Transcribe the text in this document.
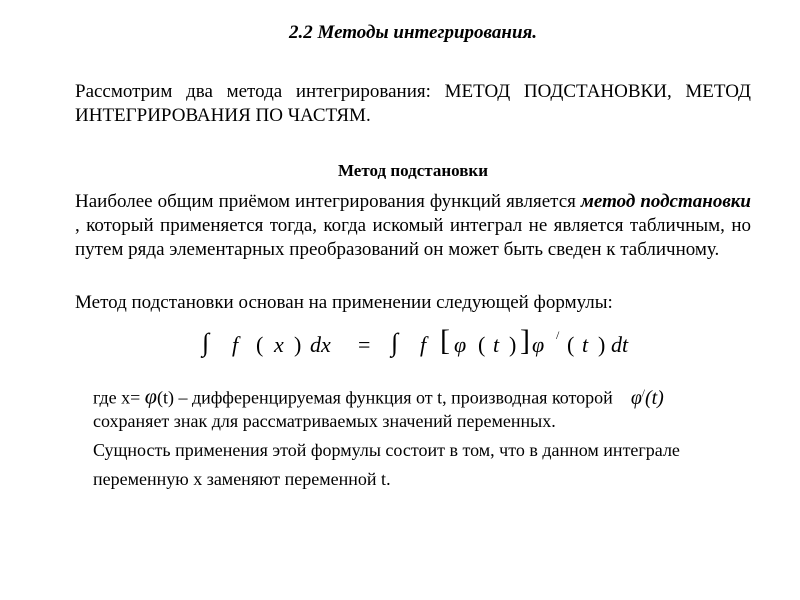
2.2 Методы интегрирования.

Рассмотрим два метода интегрирования: МЕТОД ПОДСТАНОВКИ, МЕТОД ИНТЕГРИРОВАНИЯ ПО ЧАСТЯМ.

Метод подстановки

Наиболее общим приёмом интегрирования функций является метод подстановки , который применяется тогда, когда искомый интеграл не является табличным, но путем ряда элементарных преобразований он может быть сведен к табличному.

Метод подстановки основан на применении следующей формулы:

∫ f ( x ) dx = ∫ f [ φ ( t ) ] φ / ( t ) dt

где x= φ(t) – дифференцируемая функция от t, производная которой φ/(t)

сохраняет знак для рассматриваемых значений переменных.

Сущность применения этой формулы состоит в том, что в данном интеграле

переменную x заменяют переменной t.
